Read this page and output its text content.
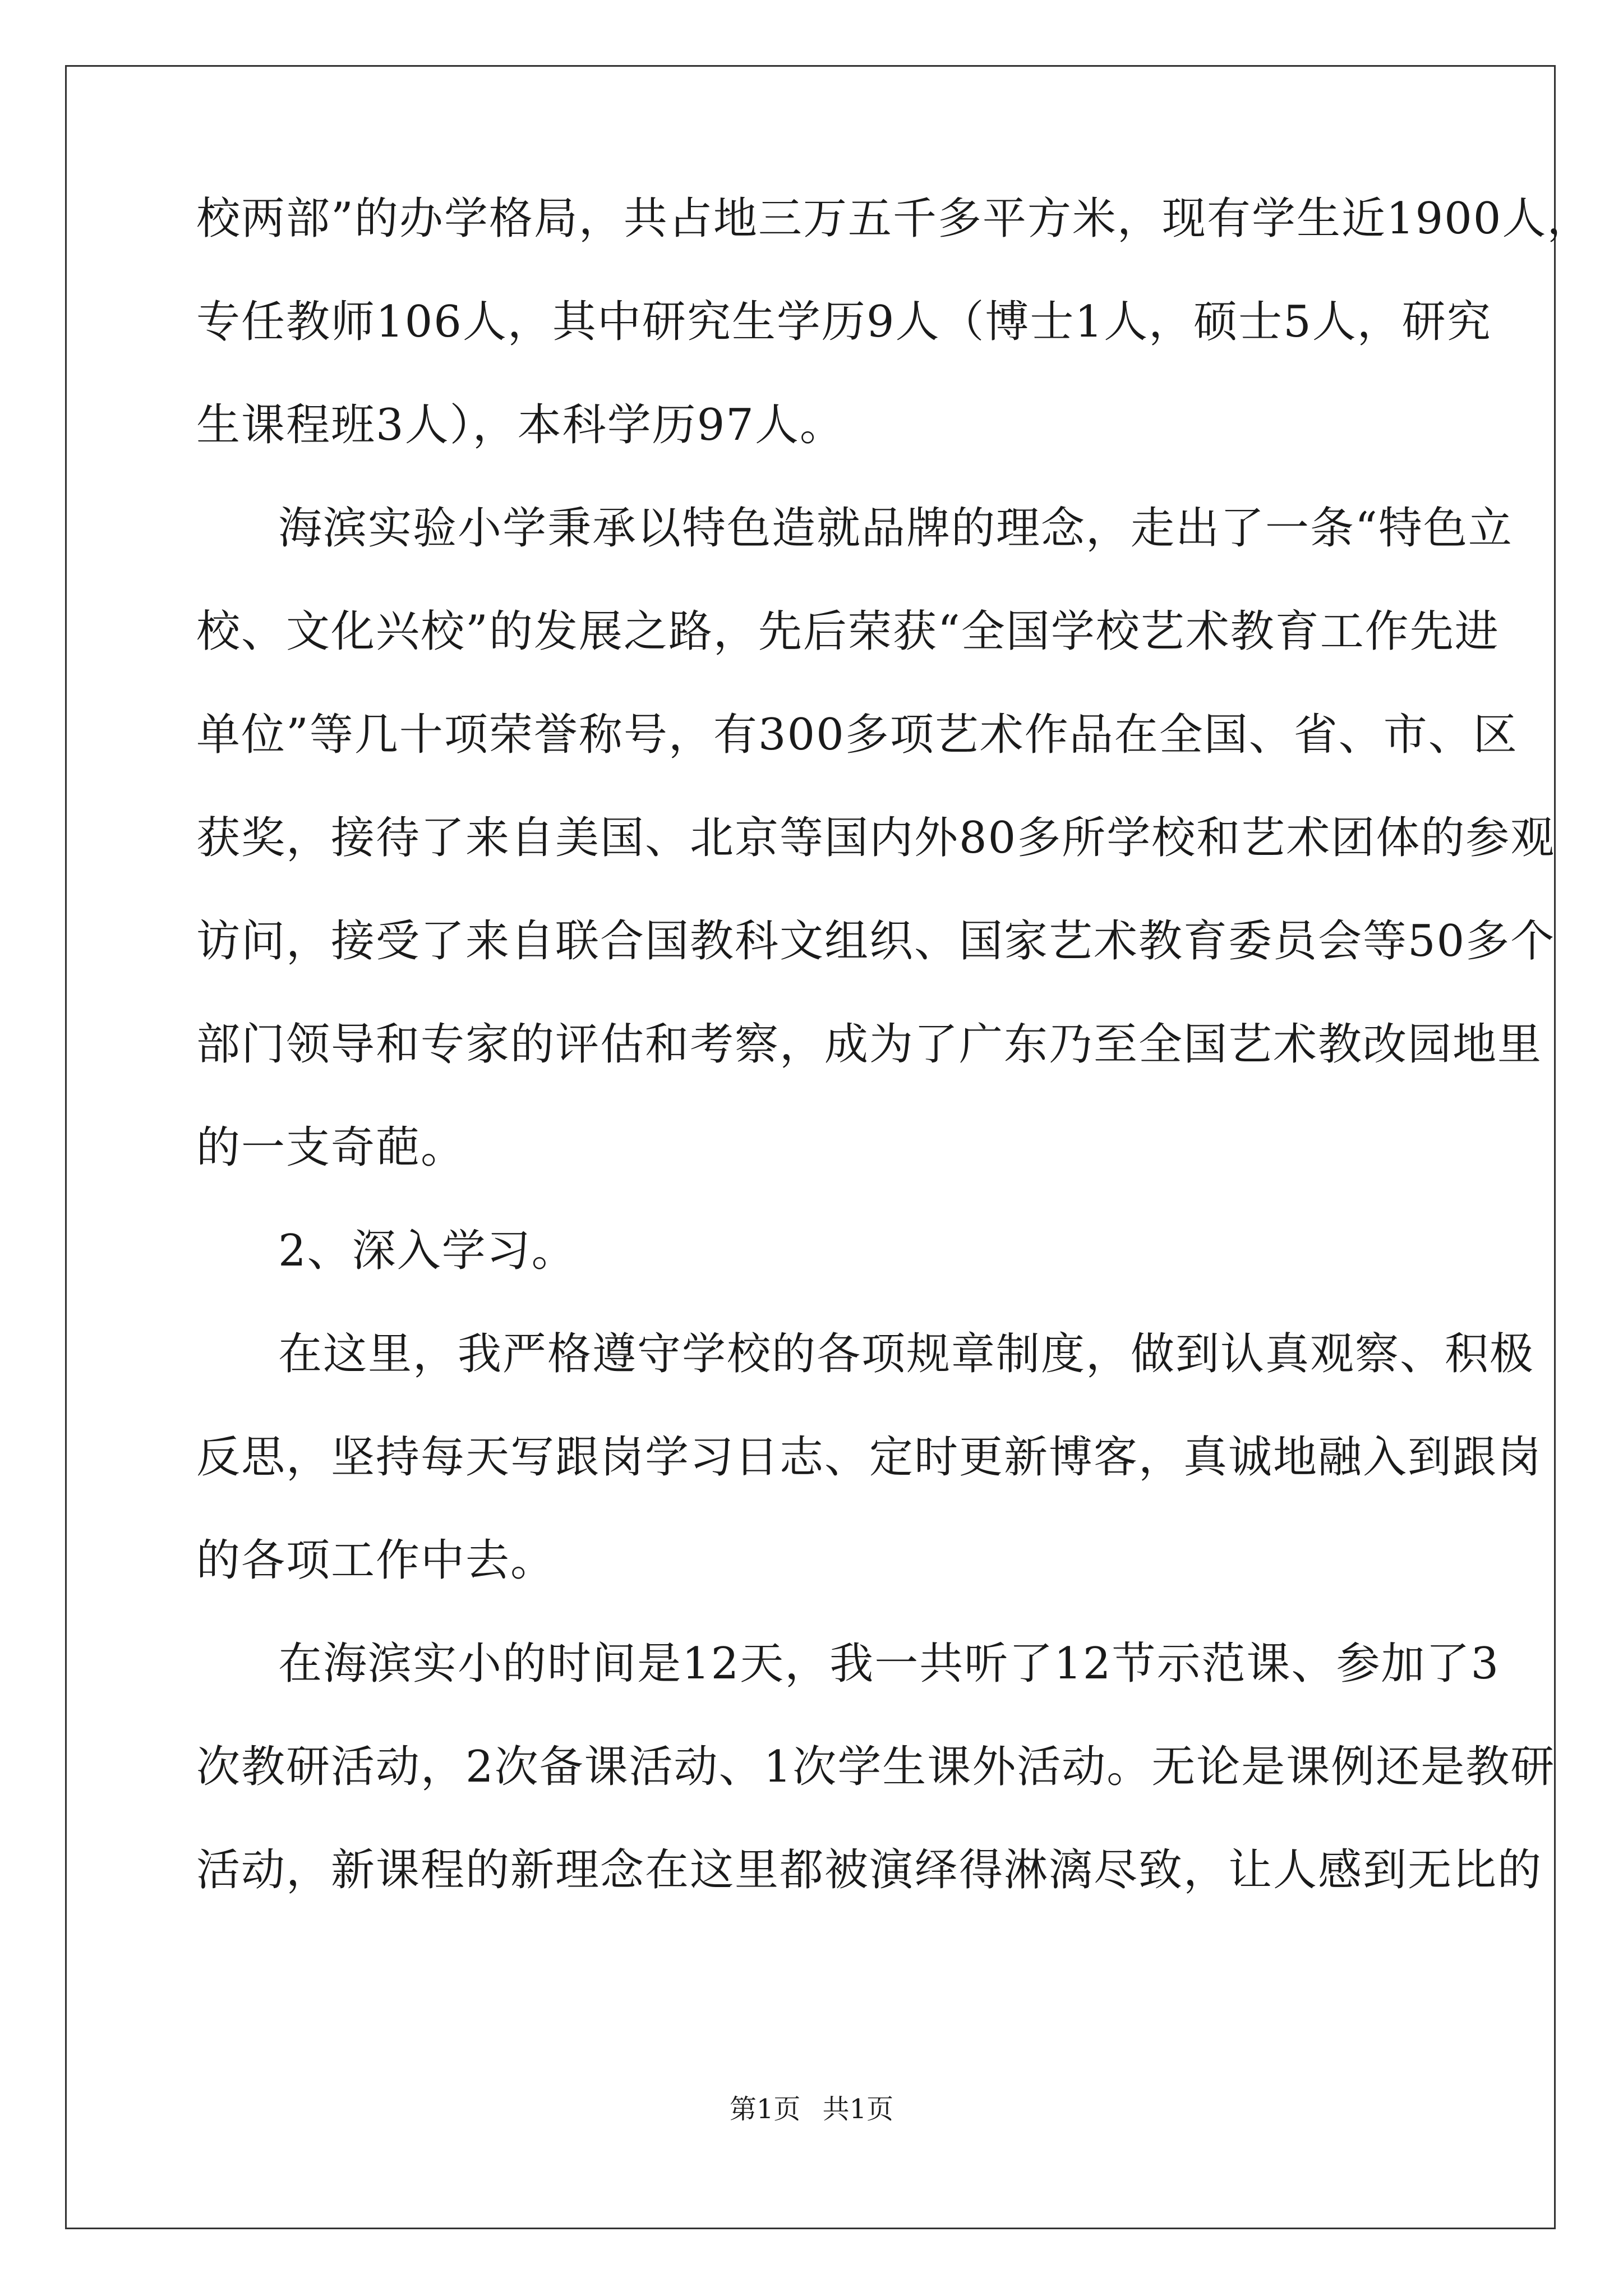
校两部”的办学格局，共占地三万五千多平方米，现有学生近1900人，
专任教师106人，其中研究生学历9人（博士1人，硕士5人，研究
生课程班3人），本科学历97人。
海滨实验小学秉承以特色造就品牌的理念，走出了一条“特色立
校、文化兴校”的发展之路，先后荣获“全国学校艺术教育工作先进
单位”等几十项荣誉称号，有300多项艺术作品在全国、省、市、区
获奖，接待了来自美国、北京等国内外80多所学校和艺术团体的参观
访问，接受了来自联合国教科文组织、国家艺术教育委员会等50多个
部门领导和专家的评估和考察，成为了广东乃至全国艺术教改园地里
的一支奇葩。
2、深入学习。
在这里，我严格遵守学校的各项规章制度，做到认真观察、积极
反思，坚持每天写跟岗学习日志、定时更新博客，真诚地融入到跟岗
的各项工作中去。
在海滨实小的时间是12天，我一共听了12节示范课、参加了3
次教研活动，2次备课活动、1次学生课外活动。无论是课例还是教研
活动，新课程的新理念在这里都被演绎得淋漓尽致，让人感到无比的
第1页 共1页
